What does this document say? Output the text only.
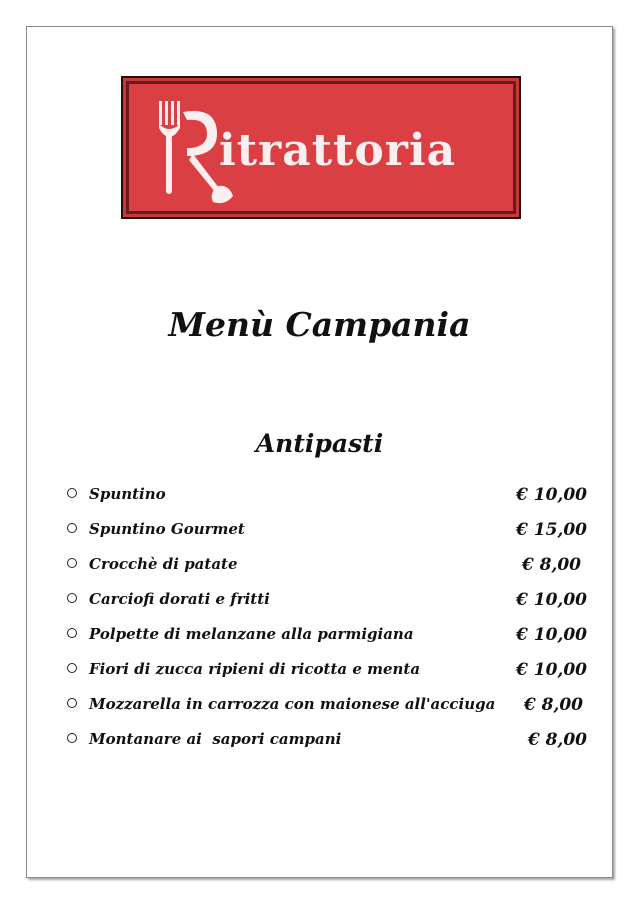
itrattoria
Menù Campania
Antipasti
Spuntino	€ 10,00
Spuntino Gourmet	€ 15,00
Crocchè di patate	€ 8,00
Carciofi dorati e fritti	€ 10,00
Polpette di melanzane alla parmigiana	€ 10,00
Fiori di zucca ripieni di ricotta e menta	€ 10,00
Mozzarella in carrozza con maionese all'acciuga € 8,00
Montanare ai  sapori campani	€ 8,00
